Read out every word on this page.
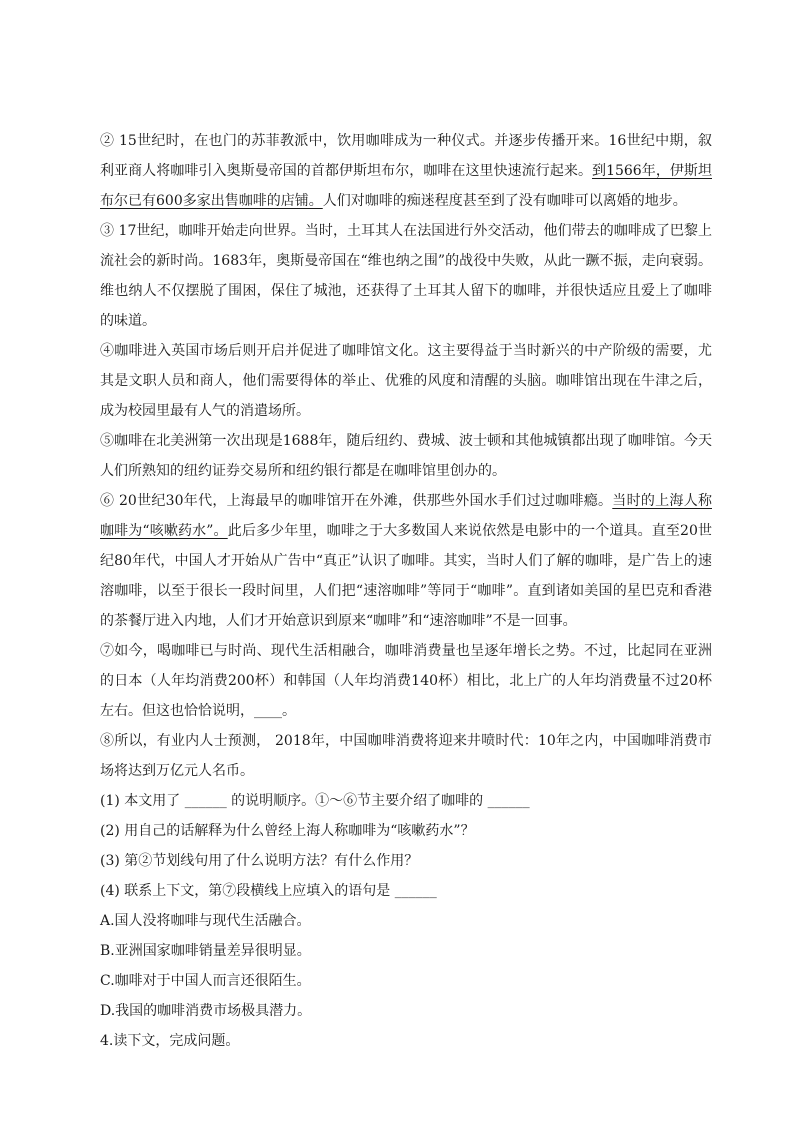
② 15世纪时，在也门的苏菲教派中，饮用咖啡成为一种仪式。并逐步传播开来。16世纪中期，叙利亚商人将咖啡引入奥斯曼帝国的首都伊斯坦布尔，咖啡在这里快速流行起来。到1566年，伊斯坦布尔已有600多家出售咖啡的店铺。人们对咖啡的痴迷程度甚至到了没有咖啡可以离婚的地步。

③ 17世纪，咖啡开始走向世界。当时，土耳其人在法国进行外交活动，他们带去的咖啡成了巴黎上流社会的新时尚。1683年，奥斯曼帝国在“维也纳之围”的战役中失败，从此一蹶不振，走向衰弱。维也纳人不仅摆脱了围困，保住了城池，还获得了土耳其人留下的咖啡，并很快适应且爱上了咖啡的味道。

④咖啡进入英国市场后则开启并促进了咖啡馆文化。这主要得益于当时新兴的中产阶级的需要，尤其是文职人员和商人，他们需要得体的举止、优雅的风度和清醒的头脑。咖啡馆出现在牛津之后，成为校园里最有人气的消遣场所。

⑤咖啡在北美洲第一次出现是1688年，随后纽约、费城、波士顿和其他城镇都出现了咖啡馆。今天人们所熟知的纽约证券交易所和纽约银行都是在咖啡馆里创办的。

⑥ 20世纪30年代，上海最早的咖啡馆开在外滩，供那些外国水手们过过咖啡瘾。当时的上海人称咖啡为“咳嗽药水”。此后多少年里，咖啡之于大多数国人来说依然是电影中的一个道具。直至20世纪80年代，中国人才开始从广告中“真正”认识了咖啡。其实，当时人们了解的咖啡，是广告上的速溶咖啡，以至于很长一段时间里，人们把“速溶咖啡”等同于“咖啡”。直到诸如美国的星巴克和香港的茶餐厅进入内地，人们才开始意识到原来“咖啡”和“速溶咖啡”不是一回事。

⑦如今，喝咖啡已与时尚、现代生活相融合，咖啡消费量也呈逐年增长之势。不过，比起同在亚洲的日本（人年均消费200杯）和韩国（人年均消费140杯）相比，北上广的人年均消费量不过20杯左右。但这也恰恰说明，____。

⑧所以，有业内人士预测， 2018年，中国咖啡消费将迎来井喷时代：10年之内，中国咖啡消费市场将达到万亿元人名币。

(1) 本文用了 ______ 的说明顺序。①～⑥节主要介绍了咖啡的 ______

(2) 用自己的话解释为什么曾经上海人称咖啡为“咳嗽药水”？

(3) 第②节划线句用了什么说明方法？有什么作用？

(4) 联系上下文，第⑦段横线上应填入的语句是 ______

A.国人没将咖啡与现代生活融合。

B.亚洲国家咖啡销量差异很明显。

C.咖啡对于中国人而言还很陌生。

D.我国的咖啡消费市场极具潜力。

4.读下文，完成问题。
